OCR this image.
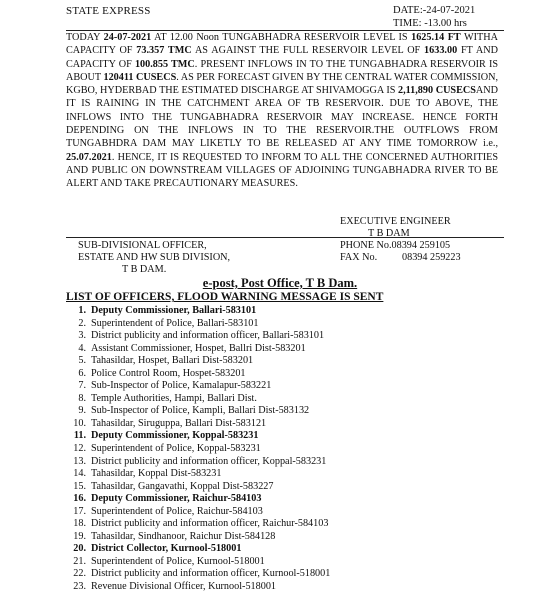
STATE EXPRESS	DATE:-24-07-2021
TIME: -13.00 hrs
TODAY 24-07-2021 AT 12.00 Noon TUNGABHADRA RESERVOIR LEVEL IS 1625.14 FT WITHA CAPACITY OF 73.357 TMC AS AGAINST THE FULL RESERVOIR LEVEL OF 1633.00 FT AND CAPACITY OF 100.855 TMC. PRESENT INFLOWS IN TO THE TUNGABHADRA RESERVOIR IS ABOUT 120411 CUSECS. AS PER FORECAST GIVEN BY THE CENTRAL WATER COMMISSION, KGBO, HYDERBAD THE ESTIMATED DISCHARGE AT SHIVAMOGGA IS 2,11,890 CUSECSAND IT IS RAINING IN THE CATCHMENT AREA OF TB RESERVOIR. DUE TO ABOVE, THE INFLOWS INTO THE TUNGABHADRA RESERVOIR MAY INCREASE. HENCE FORTH DEPENDING ON THE INFLOWS IN TO THE RESERVOIR.THE OUTFLOWS FROM TUNGABHDRA DAM MAY LIKETLY TO BE RELEASED AT ANY TIME TOMORROW i.e., 25.07.2021. HENCE, IT IS REQUESTED TO INFORM TO ALL THE CONCERNED AUTHORITIES AND PUBLIC ON DOWNSTREAM VILLAGES OF ADJOINING TUNGABHADRA RIVER TO BE ALERT AND TAKE PRECAUTIONARY MEASURES.
EXECUTIVE ENGINEER
T B DAM
SUB-DIVISIONAL OFFICER,
ESTATE AND HW SUB DIVISION,
T B DAM.
PHONE No.08394 259105
FAX No. 08394 259223
e-post, Post Office, T B Dam.
LIST OF OFFICERS, FLOOD WARNING MESSAGE IS SENT
1. Deputy Commissioner, Ballari-583101
2. Superintendent of Police, Ballari-583101
3. District publicity and information officer, Ballari-583101
4. Assistant Commissioner, Hospet, Ballri Dist-583201
5. Tahasildar, Hospet, Ballari Dist-583201
6. Police Control Room, Hospet-583201
7. Sub-Inspector of Police, Kamalapur-583221
8. Temple Authorities, Hampi, Ballari Dist.
9. Sub-Inspector of Police, Kampli, Ballari Dist-583132
10. Tahasildar, Siruguppa, Ballari Dist-583121
11. Deputy Commissioner, Koppal-583231
12. Superintendent of Police, Koppal-583231
13. District publicity and information officer, Koppal-583231
14. Tahasildar, Koppal Dist-583231
15. Tahasildar, Gangavathi, Koppal Dist-583227
16. Deputy Commissioner, Raichur-584103
17. Superintendent of Police, Raichur-584103
18. District publicity and information officer, Raichur-584103
19. Tahasildar, Sindhanoor, Raichur Dist-584128
20. District Collector, Kurnool-518001
21. Superintendent of Police, Kurnool-518001
22. District publicity and information officer, Kurnool-518001
23. Revenue Divisional Officer, Kurnool-518001
